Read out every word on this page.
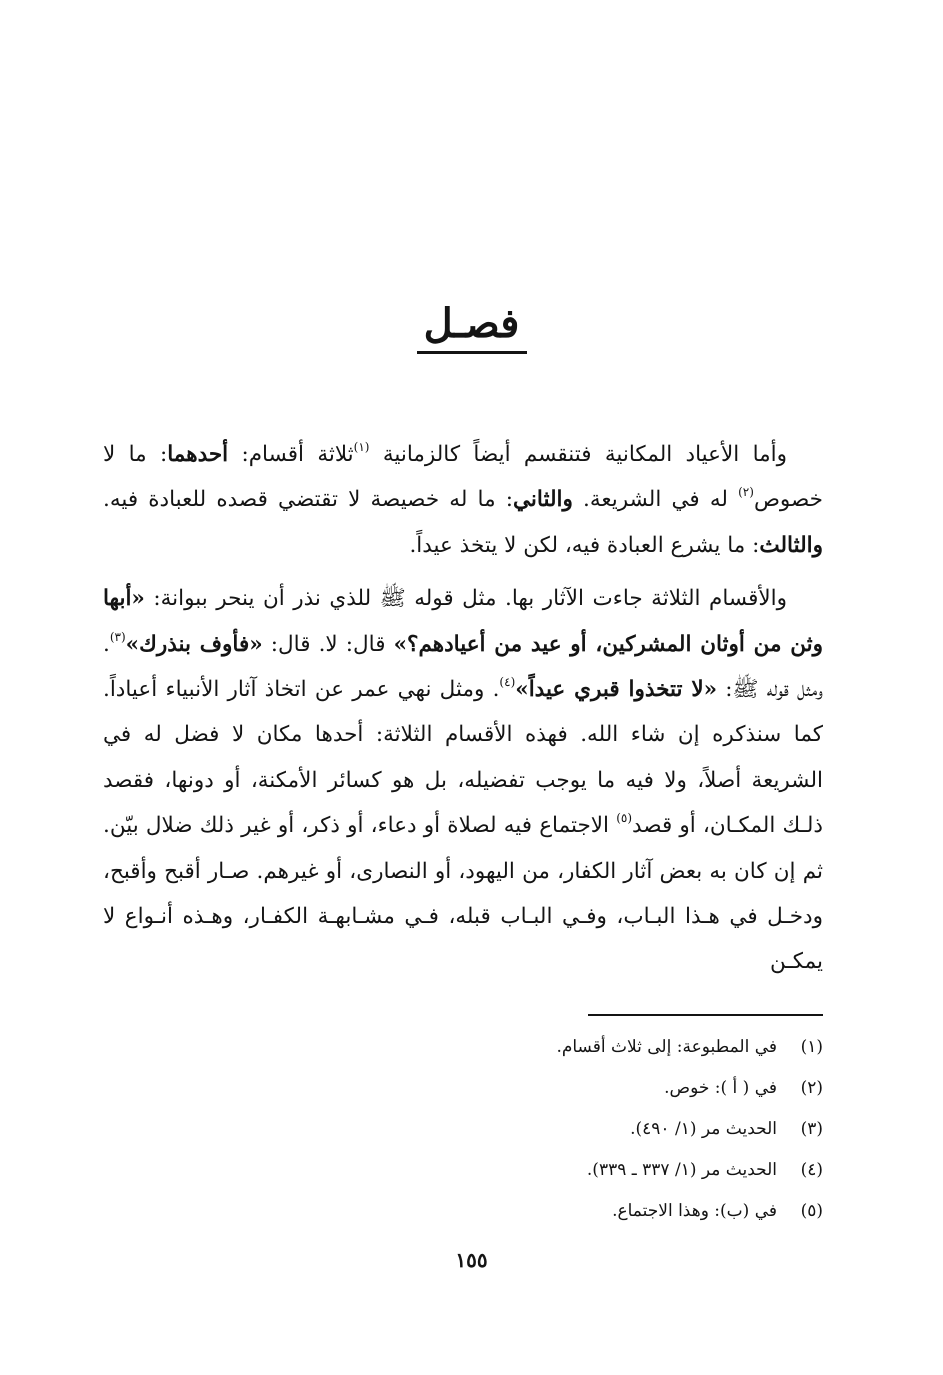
فصـل

وأما الأعياد المكانية فتنقسم أيضاً كالزمانية $^{(١)}$ثلاثة أقسام: أحدهما: ما لا خصوص$^{(٢)}$ له في الشريعة. والثاني: ما له خصيصة لا تقتضي قصده للعبادة فيه. والثالث: ما يشرع العبادة فيه، لكن لا يتخذ عيداً.

والأقسام الثلاثة جاءت الآثار بها. مثل قوله ﷺ للذي نذر أن ينحر ببوانة: «أبها وثن من أوثان المشركين، أو عيد من أعيادهم؟» قال: لا. قال: «فأوف بنذرك»$^{(٣)}$. ومثل قوله ﷺ: «لا تتخذوا قبري عيداً»$^{(٤)}$. ومثل نهي عمر عن اتخاذ آثار الأنبياء أعياداً. كما سنذكره إن شاء الله. فهذه الأقسام الثلاثة: أحدها مكان لا فضل له في الشريعة أصلاً، ولا فيه ما يوجب تفضيله، بل هو كسائر الأمكنة، أو دونها، فقصد ذلـك المكـان، أو قصد$^{(٥)}$ الاجتماع فيه لصلاة أو دعاء، أو ذكر، أو غير ذلك ضلال بيّن. ثم إن كان به بعض آثار الكفار، من اليهود، أو النصارى، أو غيرهم. صـار أقبح وأقبح، ودخـل في هـذا البـاب، وفـي البـاب قبله، فـي مشـابهـة الكفـار، وهـذه أنـواع لا يمكـن

(١)في المطبوعة: إلى ثلاث أقسام.
(٢)في ( أ ): خوص.
(٣)الحديث مر (١/ ٤٩٠).
(٤)الحديث مر (١/ ٣٣٧ ـ ٣٣٩).
(٥)في (ب): وهذا الاجتماع.
١٥٥
